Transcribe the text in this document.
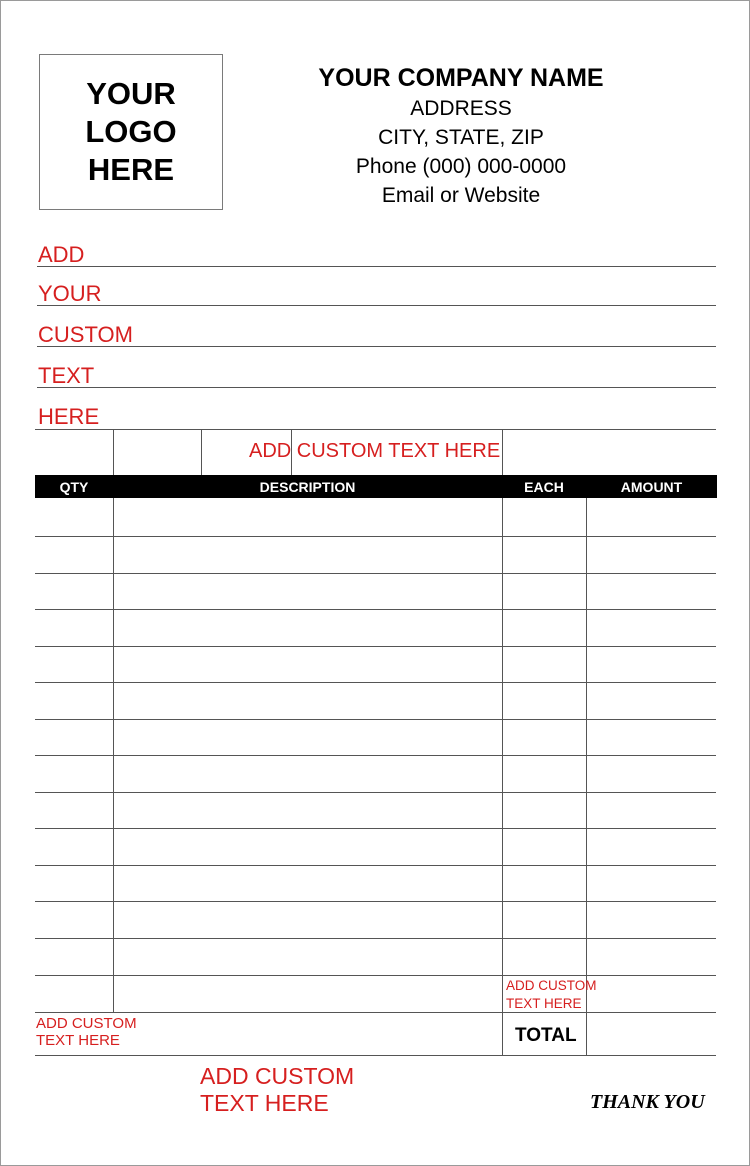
YOUR
LOGO
HERE
YOUR COMPANY NAME
ADDRESS
CITY, STATE, ZIP
Phone (000) 000-0000
Email or Website
ADD
YOUR
CUSTOM
TEXT
HERE
ADD CUSTOM TEXT HERE
QTY	DESCRIPTION	EACH	AMOUNT
ADD CUSTOM
TEXT HERE
ADD CUSTOM
TEXT HERE	TOTAL
ADD CUSTOM
TEXT HERE	THANK YOU
